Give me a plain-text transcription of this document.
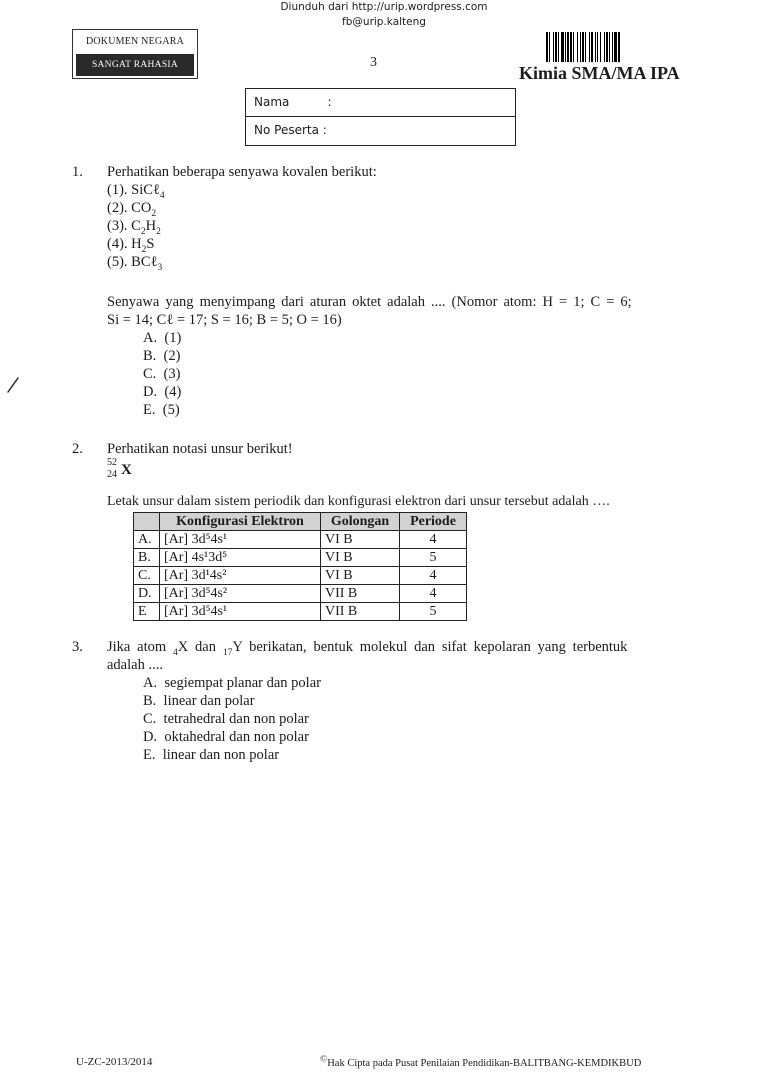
Diunduh dari http://urip.wordpress.com
fb@urip.kalteng
DOKUMEN NEGARA
SANGAT RAHASIA	3
Kimia SMA/MA IPA
Nama          :
No Peserta :
1. Perhatikan beberapa senyawa kovalen berikut:
(1). SiCℓ$_4$
(2). $CO_2$
(3). $C_2H_2$
(4). $H_2S$
(5). BCℓ$_3$
Senyawa yang menyimpang dari aturan oktet adalah .... (Nomor atom: H = 1; C = 6;
Si = 14; Cℓ = 17; S = 16; B = 5; O = 16)
A. (1)
B. (2)
C. (3)
D. (4)
E. (5)
2. Perhatikan notasi unsur berikut!
52
24 X
Letak unsur dalam sistem periodik dan konfigurasi elektron dari unsur tersebut adalah ….
	Konfigurasi Elektron	Golongan	Periode
A.	[Ar] 3d⁵4s¹	VI B	4
B.	[Ar] 4s¹3d⁵	VI B	5
C.	[Ar] 3d¹4s²	VI B	4
D.	[Ar] 3d⁵4s²	VII B	4
E	[Ar] 3d⁵4s¹	VII B	5
3. Jika atom $_4$X dan $_{17}$Y berikatan, bentuk molekul dan sifat kepolaran yang terbentuk
adalah ....
A. segiempat planar dan polar
B. linear dan polar
C. tetrahedral dan non polar
D. oktahedral dan non polar
E. linear dan non polar
U-ZC-2013/2014	©Hak Cipta pada Pusat Penilaian Pendidikan-BALITBANG-KEMDIKBUD
